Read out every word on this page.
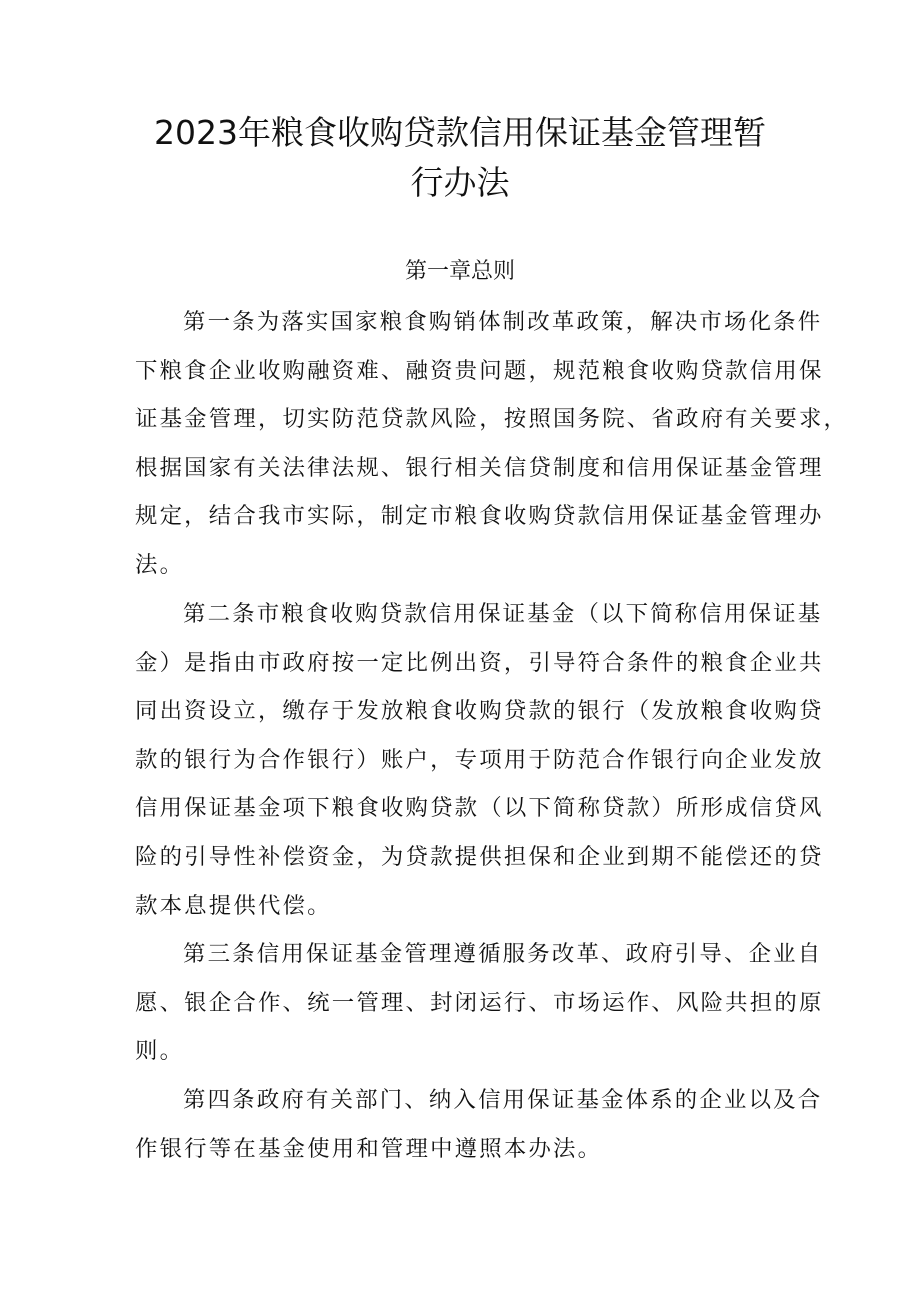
2023年粮食收购贷款信用保证基金管理暂
行办法
第一章总则
第一条为落实国家粮食购销体制改革政策，解决市场化条件
下粮食企业收购融资难、融资贵问题，规范粮食收购贷款信用保
证基金管理，切实防范贷款风险，按照国务院、省政府有关要求，
根据国家有关法律法规、银行相关信贷制度和信用保证基金管理
规定，结合我市实际，制定市粮食收购贷款信用保证基金管理办
法。
第二条市粮食收购贷款信用保证基金（以下简称信用保证基
金）是指由市政府按一定比例出资，引导符合条件的粮食企业共
同出资设立，缴存于发放粮食收购贷款的银行（发放粮食收购贷
款的银行为合作银行）账户，专项用于防范合作银行向企业发放
信用保证基金项下粮食收购贷款（以下简称贷款）所形成信贷风
险的引导性补偿资金，为贷款提供担保和企业到期不能偿还的贷
款本息提供代偿。
第三条信用保证基金管理遵循服务改革、政府引导、企业自
愿、银企合作、统一管理、封闭运行、市场运作、风险共担的原
则。
第四条政府有关部门、纳入信用保证基金体系的企业以及合
作银行等在基金使用和管理中遵照本办法。
